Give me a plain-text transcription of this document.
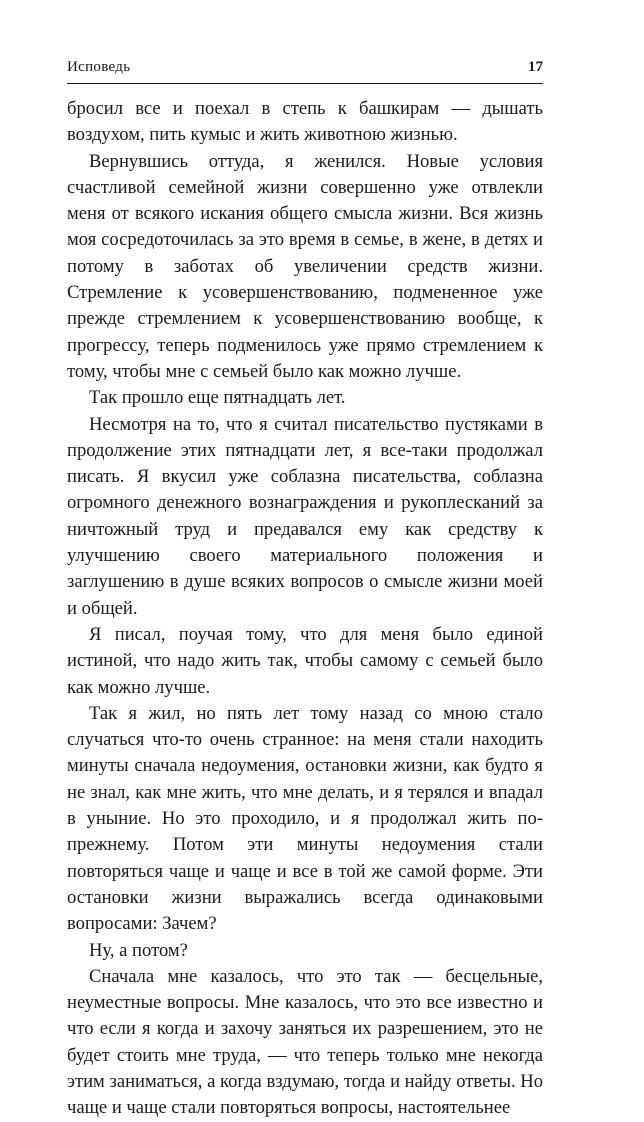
Исповедь	17

бросил все и поехал в степь к башкирам — дышать воздухом, пить кумыс и жить животною жизнью.

Вернувшись оттуда, я женился. Новые условия счастливой семейной жизни совершенно уже отвлекли меня от всякого искания общего смысла жизни. Вся жизнь моя сосредоточилась за это время в семье, в жене, в детях и потому в заботах об увеличении средств жизни. Стремление к усовершенствованию, подмененное уже прежде стремлением к усовершенствованию вообще, к прогрессу, теперь подменилось уже прямо стремлением к тому, чтобы мне с семьей было как можно лучше.

Так прошло еще пятнадцать лет.

Несмотря на то, что я считал писательство пустяками в продолжение этих пятнадцати лет, я все-таки продолжал писать. Я вкусил уже соблазна писательства, соблазна огромного денежного вознаграждения и рукоплесканий за ничтожный труд и предавался ему как средству к улучшению своего материального положения и заглушению в душе всяких вопросов о смысле жизни моей и общей.

Я писал, поучая тому, что для меня было единой истиной, что надо жить так, чтобы самому с семьей было как можно лучше.

Так я жил, но пять лет тому назад со мною стало случаться что-то очень странное: на меня стали находить минуты сначала недоумения, остановки жизни, как будто я не знал, как мне жить, что мне делать, и я терялся и впадал в уныние. Но это проходило, и я продолжал жить по-прежнему. Потом эти минуты недоумения стали повторяться чаще и чаще и все в той же самой форме. Эти остановки жизни выражались всегда одинаковыми вопросами: Зачем?

Ну, а потом?

Сначала мне казалось, что это так — бесцельные, неуместные вопросы. Мне казалось, что это все известно и что если я когда и захочу заняться их разрешением, это не будет стоить мне труда, — что теперь только мне некогда этим заниматься, а когда вздумаю, тогда и найду ответы. Но чаще и чаще стали повторяться вопросы, настоятельнее
